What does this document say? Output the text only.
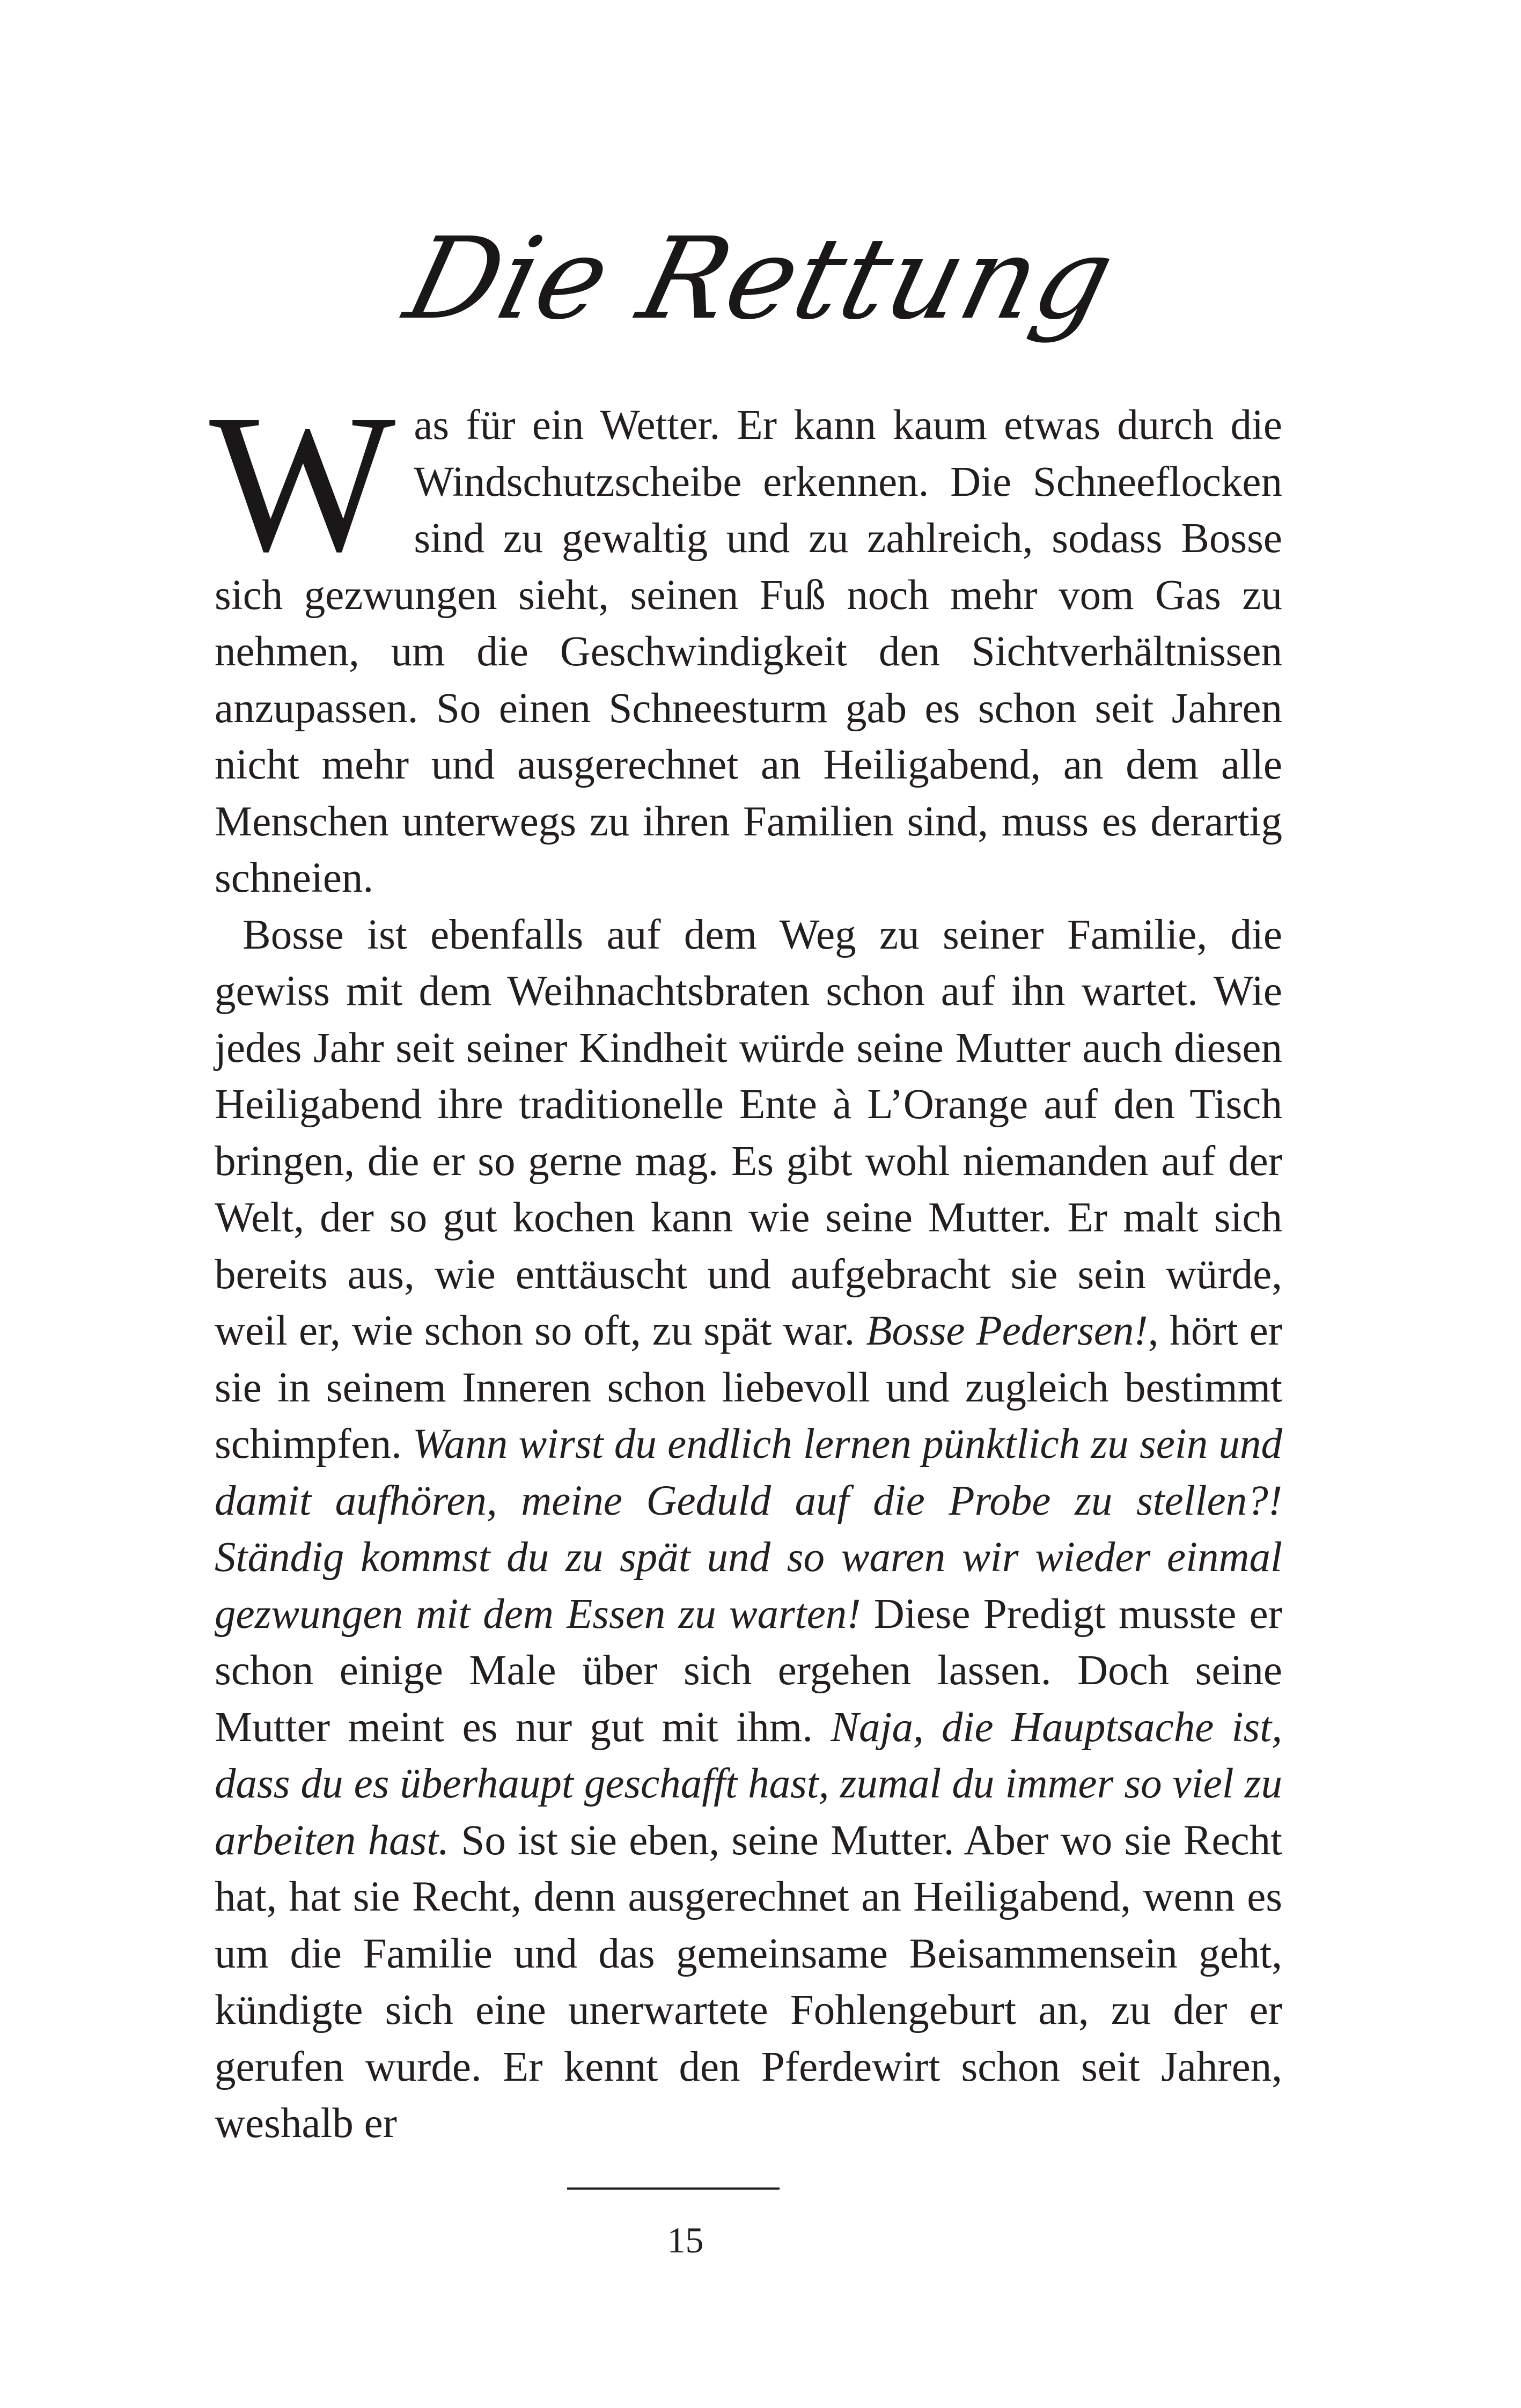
Die Rettung

Was für ein Wetter. Er kann kaum etwas durch die Windschutzscheibe erkennen. Die Schneeflocken sind zu gewaltig und zu zahlreich, sodass Bosse sich gezwungen sieht, seinen Fuß noch mehr vom Gas zu nehmen, um die Geschwindigkeit den Sichtverhältnissen anzupassen. So einen Schneesturm gab es schon seit Jahren nicht mehr und ausgerechnet an Heiligabend, an dem alle Menschen unterwegs zu ihren Familien sind, muss es derartig schneien.

Bosse ist ebenfalls auf dem Weg zu seiner Familie, die gewiss mit dem Weihnachtsbraten schon auf ihn wartet. Wie jedes Jahr seit seiner Kindheit würde seine Mutter auch diesen Heiligabend ihre traditionelle Ente à L’Orange auf den Tisch bringen, die er so gerne mag. Es gibt wohl niemanden auf der Welt, der so gut kochen kann wie seine Mutter. Er malt sich bereits aus, wie enttäuscht und aufgebracht sie sein würde, weil er, wie schon so oft, zu spät war. Bosse Pedersen!, hört er sie in seinem Inneren schon liebevoll und zugleich bestimmt schimpfen. Wann wirst du endlich lernen pünktlich zu sein und damit aufhören, meine Geduld auf die Probe zu stellen?! Ständig kommst du zu spät und so waren wir wieder einmal gezwungen mit dem Essen zu warten! Diese Predigt musste er schon einige Male über sich ergehen lassen. Doch seine Mutter meint es nur gut mit ihm. Naja, die Hauptsache ist, dass du es überhaupt geschafft hast, zumal du immer so viel zu arbeiten hast. So ist sie eben, seine Mutter. Aber wo sie Recht hat, hat sie Recht, denn ausgerechnet an Heiligabend, wenn es um die Familie und das gemeinsame Beisammensein geht, kündigte sich eine unerwartete Fohlengeburt an, zu der er gerufen wurde. Er kennt den Pferdewirt schon seit Jahren, weshalb er

15
